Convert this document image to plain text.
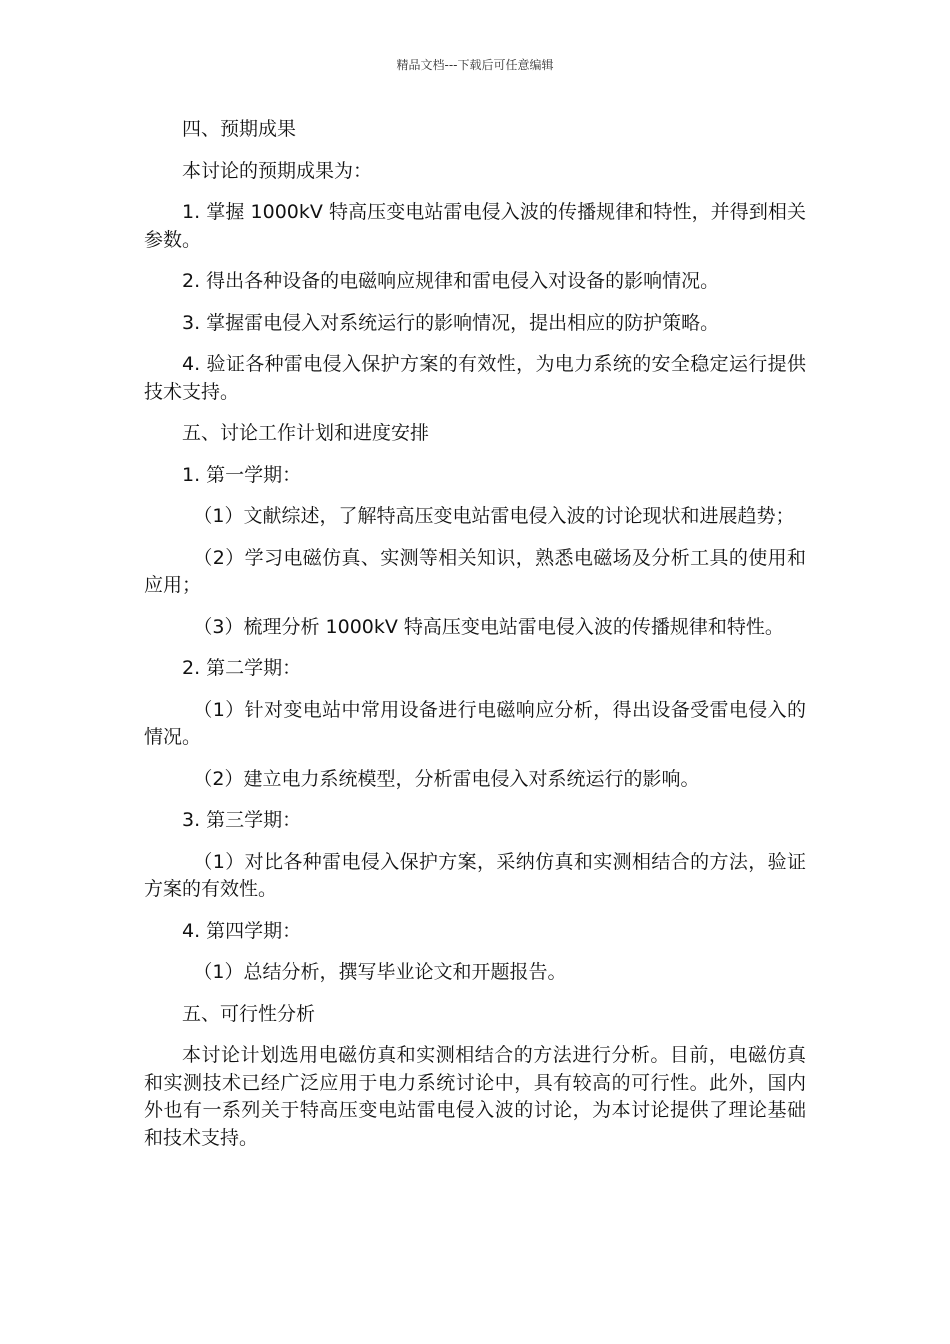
精品文档---下载后可任意编辑

四、预期成果

本讨论的预期成果为：

1. 掌握 1000kV 特高压变电站雷电侵入波的传播规律和特性，并得到相关参数。

2. 得出各种设备的电磁响应规律和雷电侵入对设备的影响情况。

3. 掌握雷电侵入对系统运行的影响情况，提出相应的防护策略。

4. 验证各种雷电侵入保护方案的有效性，为电力系统的安全稳定运行提供技术支持。

五、讨论工作计划和进度安排

1. 第一学期：

（1）文献综述，了解特高压变电站雷电侵入波的讨论现状和进展趋势；

（2）学习电磁仿真、实测等相关知识，熟悉电磁场及分析工具的使用和应用；

（3）梳理分析 1000kV 特高压变电站雷电侵入波的传播规律和特性。

2. 第二学期：

（1）针对变电站中常用设备进行电磁响应分析，得出设备受雷电侵入的情况。

（2）建立电力系统模型，分析雷电侵入对系统运行的影响。

3. 第三学期：

（1）对比各种雷电侵入保护方案，采纳仿真和实测相结合的方法，验证方案的有效性。

4. 第四学期：

（1）总结分析，撰写毕业论文和开题报告。

五、可行性分析

本讨论计划选用电磁仿真和实测相结合的方法进行分析。目前，电磁仿真和实测技术已经广泛应用于电力系统讨论中，具有较高的可行性。此外，国内外也有一系列关于特高压变电站雷电侵入波的讨论，为本讨论提供了理论基础和技术支持。
